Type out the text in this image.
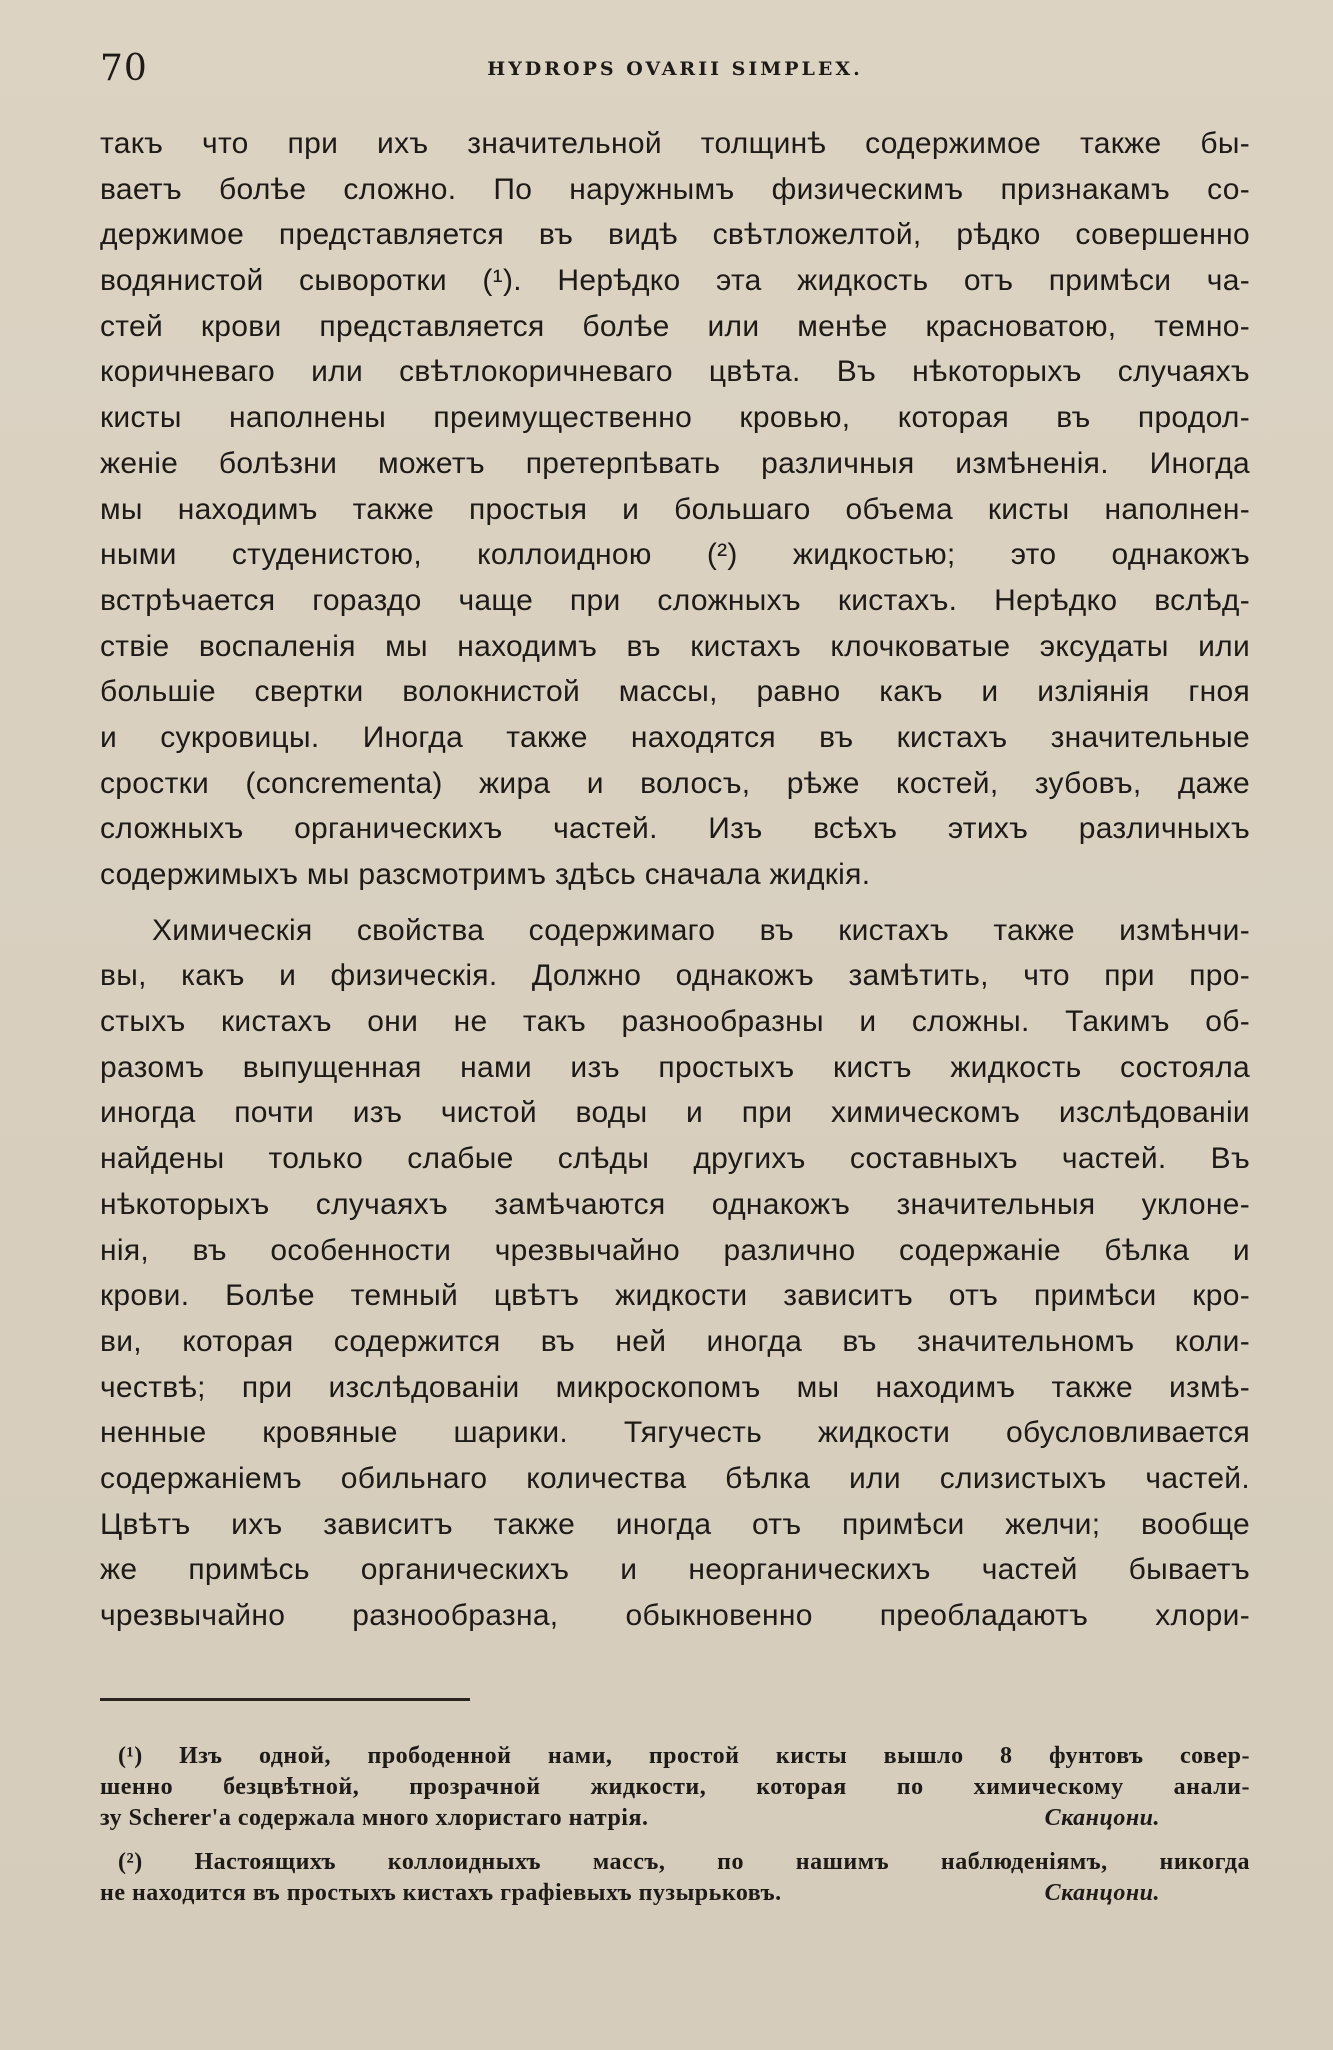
70	HYDROPS OVARII SIMPLEX.
такъ что при ихъ значительной толщинѣ содержимое также бы-
ваетъ болѣе сложно. По наружнымъ физическимъ признакамъ со-
держимое представляется въ видѣ свѣтложелтой, рѣдко совершенно
водянистой сыворотки (¹). Нерѣдко эта жидкость отъ примѣси ча-
стей крови представляется болѣе или менѣе красноватою, темно-
коричневаго или свѣтлокоричневаго цвѣта. Въ нѣкоторыхъ случаяхъ
кисты наполнены преимущественно кровью, которая въ продол-
женіе болѣзни можетъ претерпѣвать различныя измѣненія. Иногда
мы находимъ также простыя и большаго объема кисты наполнен-
ными студенистою, коллоидною (²) жидкостью; это однакожъ
встрѣчается гораздо чаще при сложныхъ кистахъ. Нерѣдко вслѣд-
ствіе воспаленія мы находимъ въ кистахъ клочковатые эксудаты или
большіе свертки волокнистой массы, равно какъ и изліянія гноя
и сукровицы. Иногда также находятся въ кистахъ значительные
сростки (concrementa) жира и волосъ, рѣже костей, зубовъ, даже
сложныхъ органическихъ частей. Изъ всѣхъ этихъ различныхъ
содержимыхъ мы разсмотримъ здѣсь сначала жидкія.
Химическія свойства содержимаго въ кистахъ также измѣнчи-
вы, какъ и физическія. Должно однакожъ замѣтить, что при про-
стыхъ кистахъ они не такъ разнообразны и сложны. Такимъ об-
разомъ выпущенная нами изъ простыхъ кистъ жидкость состояла
иногда почти изъ чистой воды и при химическомъ изслѣдованіи
найдены только слабые слѣды другихъ составныхъ частей. Въ
нѣкоторыхъ случаяхъ замѣчаются однакожъ значительныя уклоне-
нія, въ особенности чрезвычайно различно содержаніе бѣлка и
крови. Болѣе темный цвѣтъ жидкости зависитъ отъ примѣси кро-
ви, которая содержится въ ней иногда въ значительномъ коли-
чествѣ; при изслѣдованіи микроскопомъ мы находимъ также измѣ-
ненные кровяные шарики. Тягучесть жидкости обусловливается
содержаніемъ обильнаго количества бѣлка или слизистыхъ частей.
Цвѣтъ ихъ зависитъ также иногда отъ примѣси желчи; вообще
же примѣсь органическихъ и неорганическихъ частей бываетъ
чрезвычайно разнообразна, обыкновенно преобладаютъ хлори-
(¹) Изъ одной, прободенной нами, простой кисты вышло 8 фунтовъ совер-
шенно безцвѣтной, прозрачной жидкости, которая по химическому анали-
зу Scherer'а содержала много хлористаго натрія.	Сканцони.
(²) Настоящихъ коллоидныхъ массъ, по нашимъ наблюденіямъ, никогда
не находится въ простыхъ кистахъ графіевыхъ пузырьковъ.	Сканцони.
